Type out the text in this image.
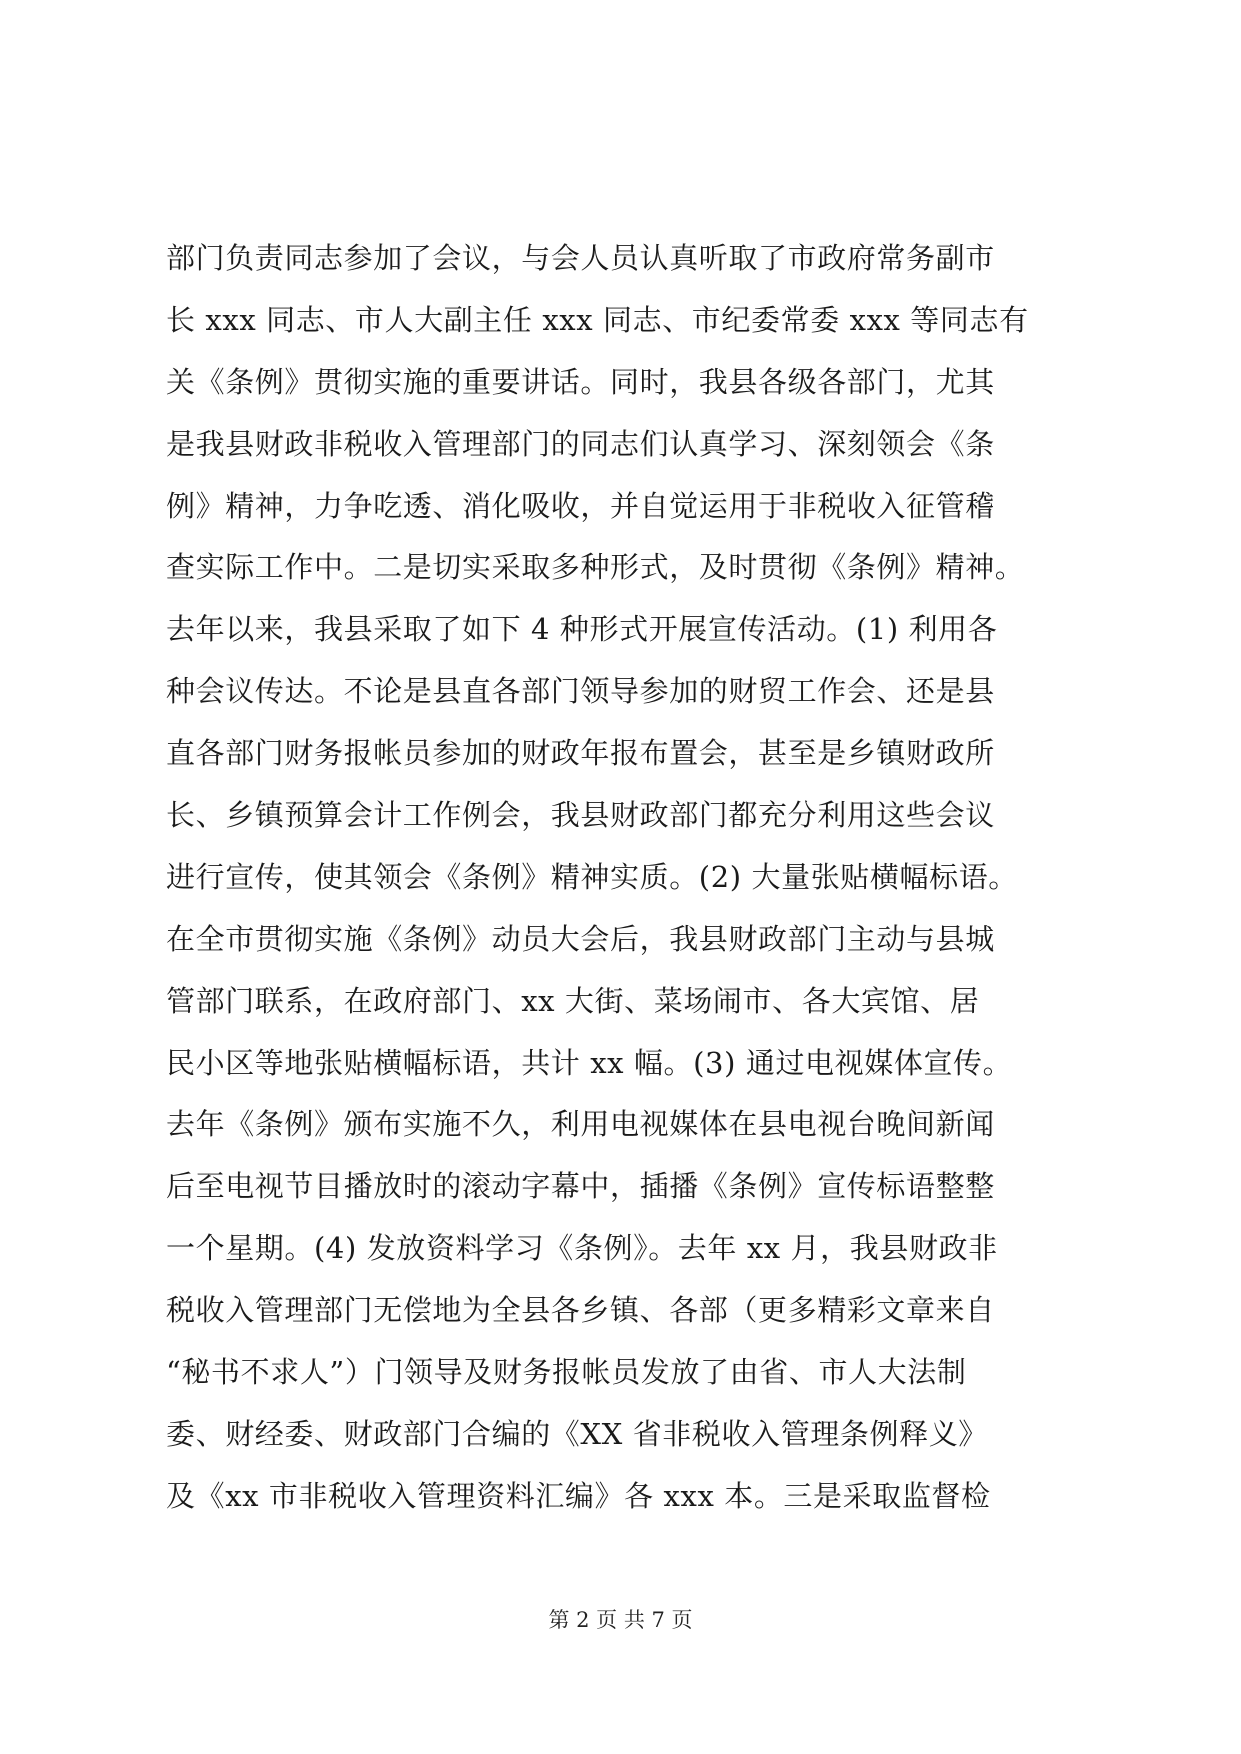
部门负责同志参加了会议，与会人员认真听取了市政府常务副市
长 xxx 同志、市人大副主任 xxx 同志、市纪委常委 xxx 等同志有
关《条例》贯彻实施的重要讲话。同时，我县各级各部门，尤其
是我县财政非税收入管理部门的同志们认真学习、深刻领会《条
例》精神，力争吃透、消化吸收，并自觉运用于非税收入征管稽
查实际工作中。二是切实采取多种形式，及时贯彻《条例》精神。
去年以来，我县采取了如下 4 种形式开展宣传活动。(1) 利用各
种会议传达。不论是县直各部门领导参加的财贸工作会、还是县
直各部门财务报帐员参加的财政年报布置会，甚至是乡镇财政所
长、乡镇预算会计工作例会，我县财政部门都充分利用这些会议
进行宣传，使其领会《条例》精神实质。(2) 大量张贴横幅标语。
在全市贯彻实施《条例》动员大会后，我县财政部门主动与县城
管部门联系，在政府部门、xx 大街、菜场闹市、各大宾馆、居
民小区等地张贴横幅标语，共计 xx 幅。(3) 通过电视媒体宣传。
去年《条例》颁布实施不久，利用电视媒体在县电视台晚间新闻
后至电视节目播放时的滚动字幕中，插播《条例》宣传标语整整
一个星期。(4) 发放资料学习《条例》。去年 xx 月，我县财政非
税收入管理部门无偿地为全县各乡镇、各部（更多精彩文章来自
“秘书不求人”）门领导及财务报帐员发放了由省、市人大法制
委、财经委、财政部门合编的《XX 省非税收入管理条例释义》
及《xx 市非税收入管理资料汇编》各 xxx 本。三是采取监督检
第 2 页 共 7 页
